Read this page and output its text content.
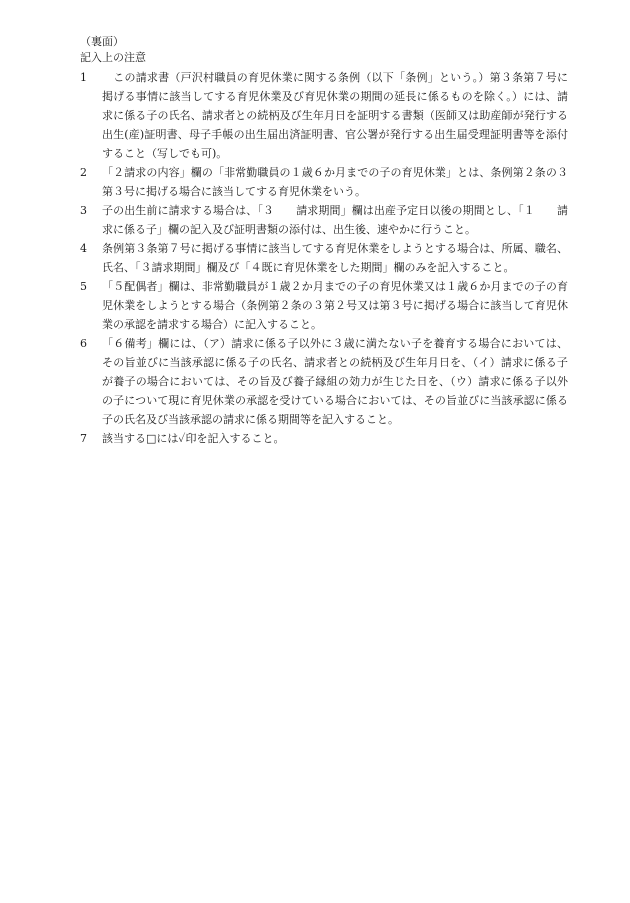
（裏面）
記入上の注意

1	　この請求書（戸沢村職員の育児休業に関する条例（以下「条例」という。）第３条第７号に掲げる事情に該当してする育児休業及び育児休業の期間の延長に係るものを除く。）には、請求に係る子の氏名、請求者との続柄及び生年月日を証明する書類（医師又は助産師が発行する出生(産)証明書、母子手帳の出生届出済証明書、官公署が発行する出生届受理証明書等を添付すること（写しでも可)。

2	「２請求の内容」欄の「非常勤職員の１歳６か月までの子の育児休業」とは、条例第２条の３第３号に掲げる場合に該当してする育児休業をいう。

3	子の出生前に請求する場合は、「３　　請求期間」欄は出産予定日以後の期間とし、「１　　請求に係る子」欄の記入及び証明書類の添付は、出生後、速やかに行うこと。

4	条例第３条第７号に掲げる事情に該当してする育児休業をしようとする場合は、所属、職名、氏名、「３請求期間」欄及び「４既に育児休業をした期間」欄のみを記入すること。

5	「５配偶者」欄は、非常勤職員が１歳２か月までの子の育児休業又は１歳６か月までの子の育児休業をしようとする場合（条例第２条の３第２号又は第３号に掲げる場合に該当して育児休業の承認を請求する場合）に記入すること。

6	「６備考」欄には、（ア）請求に係る子以外に３歳に満たない子を養育する場合においては、その旨並びに当該承認に係る子の氏名、請求者との続柄及び生年月日を、（イ）請求に係る子が養子の場合においては、その旨及び養子縁組の効力が生じた日を、（ウ）請求に係る子以外の子について現に育児休業の承認を受けている場合においては、その旨並びに当該承認に係る子の氏名及び当該承認の請求に係る期間等を記入すること。

7	該当する□には✓印を記入すること。
